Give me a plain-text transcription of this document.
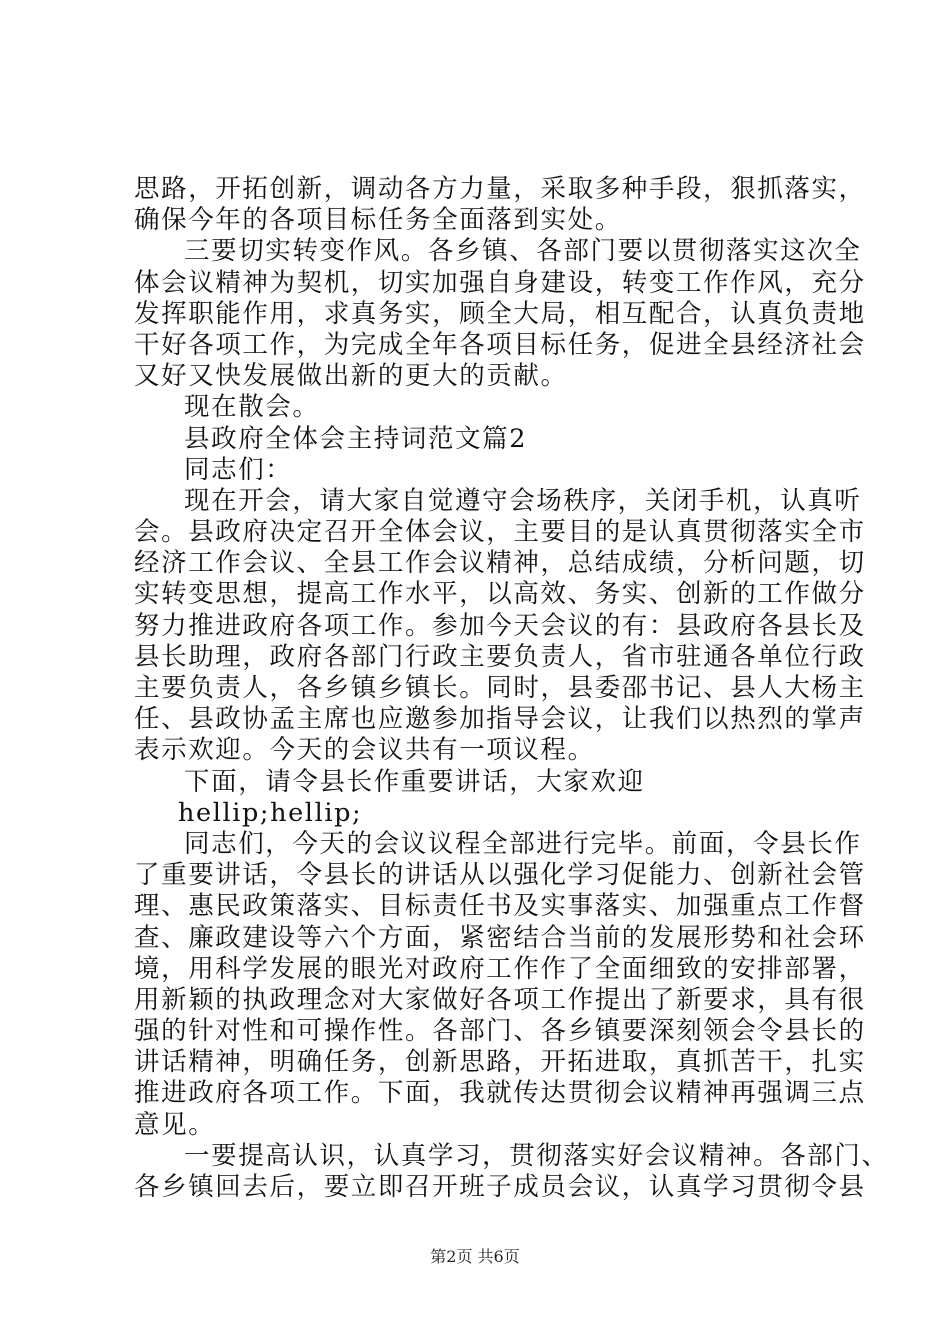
思路，开拓创新，调动各方力量，采取多种手段，狠抓落实，
确保今年的各项目标任务全面落到实处。
三要切实转变作风。各乡镇、各部门要以贯彻落实这次全
体会议精神为契机，切实加强自身建设，转变工作作风，充分
发挥职能作用，求真务实，顾全大局，相互配合，认真负责地
干好各项工作，为完成全年各项目标任务，促进全县经济社会
又好又快发展做出新的更大的贡献。
现在散会。
县政府全体会主持词范文篇2
同志们：
现在开会，请大家自觉遵守会场秩序，关闭手机，认真听
会。县政府决定召开全体会议，主要目的是认真贯彻落实全市
经济工作会议、全县工作会议精神，总结成绩，分析问题，切
实转变思想，提高工作水平，以高效、务实、创新的工作做分
努力推进政府各项工作。参加今天会议的有：县政府各县长及
县长助理，政府各部门行政主要负责人，省市驻通各单位行政
主要负责人，各乡镇乡镇长。同时，县委邵书记、县人大杨主
任、县政协孟主席也应邀参加指导会议，让我们以热烈的掌声
表示欢迎。今天的会议共有一项议程。
下面，请令县长作重要讲话，大家欢迎
hellip;hellip;
同志们，今天的会议议程全部进行完毕。前面，令县长作
了重要讲话，令县长的讲话从以强化学习促能力、创新社会管
理、惠民政策落实、目标责任书及实事落实、加强重点工作督
查、廉政建设等六个方面，紧密结合当前的发展形势和社会环
境，用科学发展的眼光对政府工作作了全面细致的安排部署，
用新颖的执政理念对大家做好各项工作提出了新要求，具有很
强的针对性和可操作性。各部门、各乡镇要深刻领会令县长的
讲话精神，明确任务，创新思路，开拓进取，真抓苦干，扎实
推进政府各项工作。下面，我就传达贯彻会议精神再强调三点
意见。
一要提高认识，认真学习，贯彻落实好会议精神。各部门、
各乡镇回去后，要立即召开班子成员会议，认真学习贯彻令县
第2页 共6页
